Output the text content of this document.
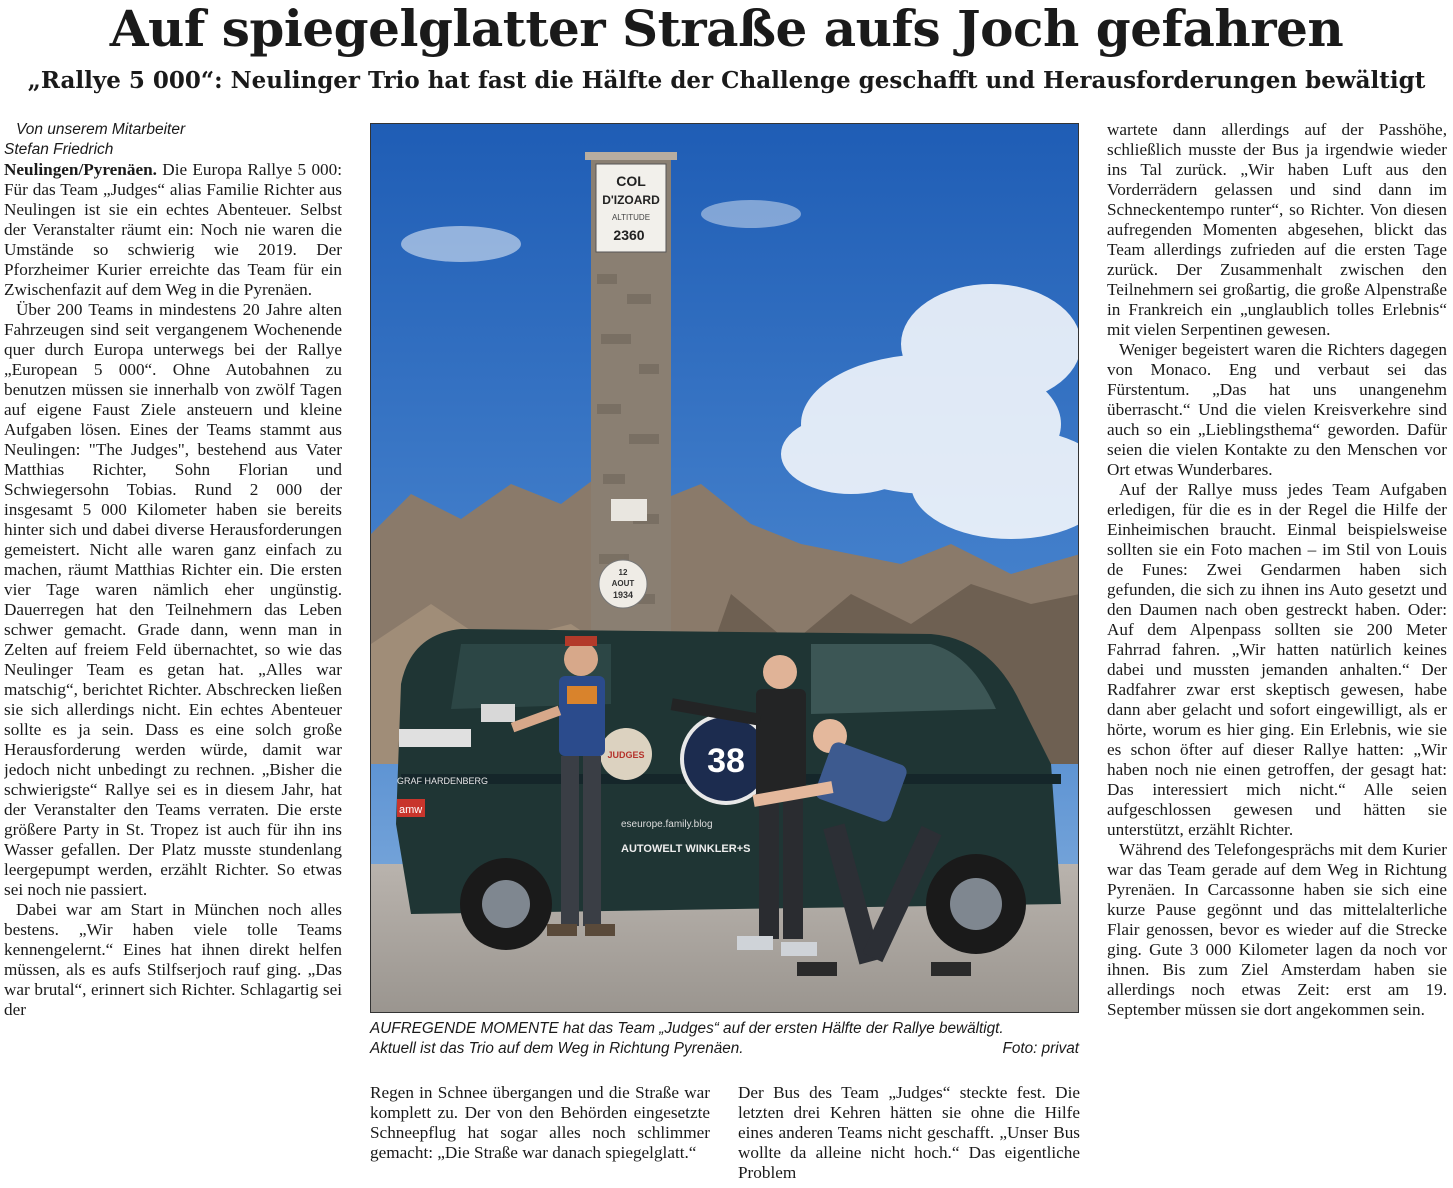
Auf spiegelglatter Straße aufs Joch gefahren
„Rallye 5 000“: Neulinger Trio hat fast die Hälfte der Challenge geschafft und Herausforderungen bewältigt

Von unserem Mitarbeiter
Stefan Friedrich

Neulingen/Pyrenäen. Die Europa Rallye 5 000: Für das Team „Judges“ alias Familie Richter aus Neulingen ist sie ein echtes Abenteuer. Selbst der Veranstalter räumt ein: Noch nie waren die Umstände so schwierig wie 2019. Der Pforzheimer Kurier erreichte das Team für ein Zwischenfazit auf dem Weg in die Pyrenäen.

Über 200 Teams in mindestens 20 Jahre alten Fahrzeugen sind seit vergangenem Wochenende quer durch Europa unterwegs bei der Rallye „European 5 000“. Ohne Autobahnen zu benutzen müssen sie innerhalb von zwölf Tagen auf eigene Faust Ziele ansteuern und kleine Aufgaben lösen. Eines der Teams stammt aus Neulingen: "The Judges", bestehend aus Vater Matthias Richter, Sohn Florian und Schwiegersohn Tobias. Rund 2 000 der insgesamt 5 000 Kilometer haben sie bereits hinter sich und dabei diverse Herausforderungen gemeistert. Nicht alle waren ganz einfach zu machen, räumt Matthias Richter ein. Die ersten vier Tage waren nämlich eher ungünstig. Dauerregen hat den Teilnehmern das Leben schwer gemacht. Grade dann, wenn man in Zelten auf freiem Feld übernachtet, so wie das Neulinger Team es getan hat. „Alles war matschig“, berichtet Richter. Abschrecken ließen sie sich allerdings nicht. Ein echtes Abenteuer sollte es ja sein. Dass es eine solch große Herausforderung werden würde, damit war jedoch nicht unbedingt zu rechnen. „Bisher die schwierigste“ Rallye sei es in diesem Jahr, hat der Veranstalter den Teams verraten. Die erste größere Party in St. Tropez ist auch für ihn ins Wasser gefallen. Der Platz musste stundenlang leergepumpt werden, erzählt Richter. So etwas sei noch nie passiert.

Dabei war am Start in München noch alles bestens. „Wir haben viele tolle Teams kennengelernt.“ Eines hat ihnen direkt helfen müssen, als es aufs Stilfserjoch rauf ging. „Das war brutal“, erinnert sich Richter. Schlagartig sei der

COL
D'IZOARD
ALTITUDE
2360
12
AOUT
1934
GRAF HARDENBERG
amw
JUDGES 38
eseurope.family.blog
AUTOWELT WINKLER+S
AUFREGENDE MOMENTE hat das Team „Judges“ auf der ersten Hälfte der Rallye bewältigt.
Aktuell ist das Trio auf dem Weg in Richtung Pyrenäen.	Foto: privat

Regen in Schnee übergangen und die Straße war komplett zu. Der von den Behörden eingesetzte Schneepflug hat sogar alles noch schlimmer gemacht: „Die Straße war danach spiegelglatt.“

Der Bus des Team „Judges“ steckte fest. Die letzten drei Kehren hätten sie ohne die Hilfe eines anderen Teams nicht geschafft. „Unser Bus wollte da alleine nicht hoch.“ Das eigentliche Problem

wartete dann allerdings auf der Passhöhe, schließlich musste der Bus ja irgendwie wieder ins Tal zurück. „Wir haben Luft aus den Vorderrädern gelassen und sind dann im Schneckentempo runter“, so Richter. Von diesen aufregenden Momenten abgesehen, blickt das Team allerdings zufrieden auf die ersten Tage zurück. Der Zusammenhalt zwischen den Teilnehmern sei großartig, die große Alpenstraße in Frankreich ein „unglaublich tolles Erlebnis“ mit vielen Serpentinen gewesen.

Weniger begeistert waren die Richters dagegen von Monaco. Eng und verbaut sei das Fürstentum. „Das hat uns unangenehm überrascht.“ Und die vielen Kreisverkehre sind auch so ein „Lieblingsthema“ geworden. Dafür seien die vielen Kontakte zu den Menschen vor Ort etwas Wunderbares.

Auf der Rallye muss jedes Team Aufgaben erledigen, für die es in der Regel die Hilfe der Einheimischen braucht. Einmal beispielsweise sollten sie ein Foto machen – im Stil von Louis de Funes: Zwei Gendarmen haben sich gefunden, die sich zu ihnen ins Auto gesetzt und den Daumen nach oben gestreckt haben. Oder: Auf dem Alpenpass sollten sie 200 Meter Fahrrad fahren. „Wir hatten natürlich keines dabei und mussten jemanden anhalten.“ Der Radfahrer zwar erst skeptisch gewesen, habe dann aber gelacht und sofort eingewilligt, als er hörte, worum es hier ging. Ein Erlebnis, wie sie es schon öfter auf dieser Rallye hatten: „Wir haben noch nie einen getroffen, der gesagt hat: Das interessiert mich nicht.“ Alle seien aufgeschlossen gewesen und hätten sie unterstützt, erzählt Richter.

Während des Telefongesprächs mit dem Kurier war das Team gerade auf dem Weg in Richtung Pyrenäen. In Carcassonne haben sie sich eine kurze Pause gegönnt und das mittelalterliche Flair genossen, bevor es wieder auf die Strecke ging. Gute 3 000 Kilometer lagen da noch vor ihnen. Bis zum Ziel Amsterdam haben sie allerdings noch etwas Zeit: erst am 19. September müssen sie dort angekommen sein.
